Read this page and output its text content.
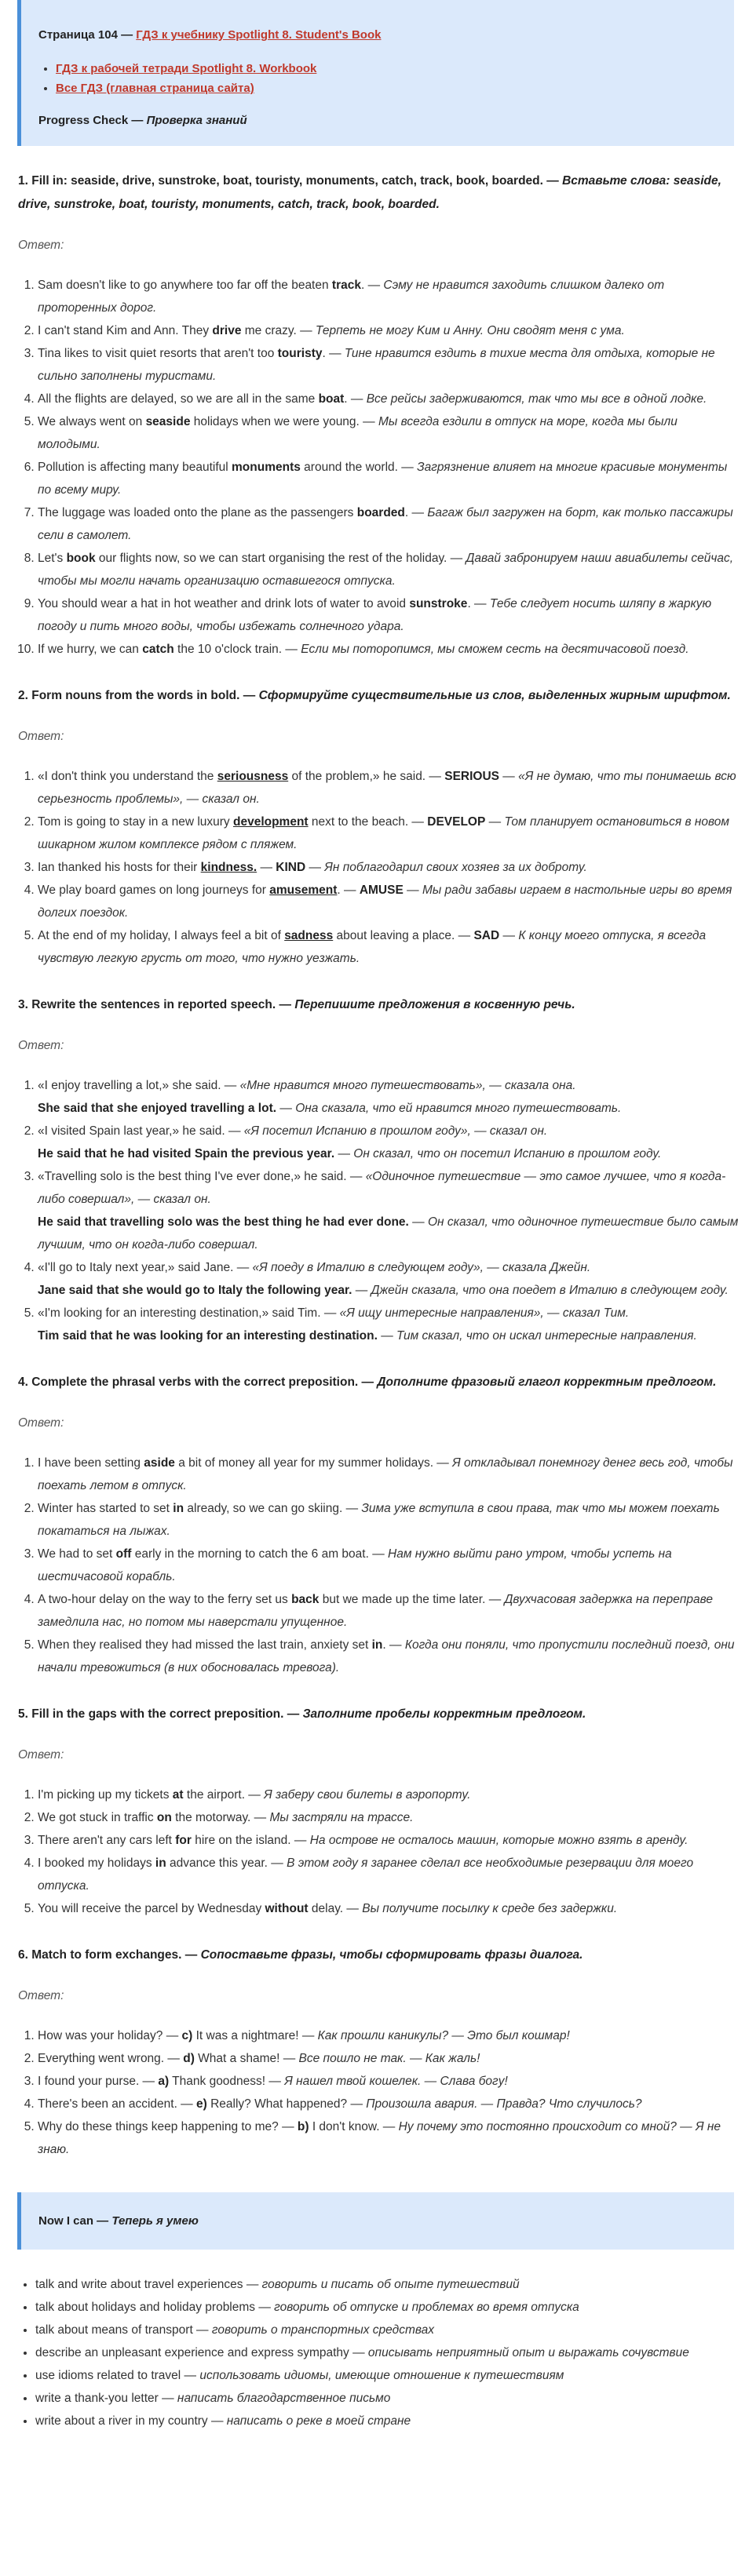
Страница 104 — ГДЗ к учебнику Spotlight 8. Student's Book
• ГДЗ к рабочей тетради Spotlight 8. Workbook
• Все ГДЗ (главная страница сайта)
Progress Check — Проверка знаний
1. Fill in: seaside, drive, sunstroke, boat, touristy, monuments, catch, track, book, boarded. — Вставьте слова: seaside, drive, sunstroke, boat, touristy, monuments, catch, track, book, boarded.
Ответ:
1. Sam doesn't like to go anywhere too far off the beaten track. — Сэму не нравится заходить слишком далеко от проторенных дорог.
2. I can't stand Kim and Ann. They drive me crazy. — Терпеть не могу Kим и Анну. Они сводят меня с ума.
3. Tina likes to visit quiet resorts that aren't too touristy. — Тине нравится ездить в тихие места для отдыха, которые не сильно заполнены туристами.
4. All the flights are delayed, so we are all in the same boat. — Все рейсы задерживаются, так что мы все в одной лодке.
5. We always went on seaside holidays when we were young. — Мы всегда ездили в отпуск на море, когда мы были молодыми.
6. Pollution is affecting many beautiful monuments around the world. — Загрязнение влияет на многие красивые монументы по всему миру.
7. The luggage was loaded onto the plane as the passengers boarded. — Багаж был загружен на борт, как только пассажиры сели в самолет.
8. Let's book our flights now, so we can start organising the rest of the holiday. — Давай забронируем наши авиабилеты сейчас, чтобы мы могли начать организацию оставшегося отпуска.
9. You should wear a hat in hot weather and drink lots of water to avoid sunstroke. — Тебе следует носить шляпу в жаркую погоду и пить много воды, чтобы избежать солнечного удара.
10. If we hurry, we can catch the 10 o'clock train. — Если мы поторопимся, мы сможем сесть на десятичасовой поезд.
2. Form nouns from the words in bold. — Сформируйте существительные из слов, выделенных жирным шрифтом.
Ответ:
1. «I don't think you understand the seriousness of the problem,» he said. — SERIOUS — «Я не думаю, что ты понимаешь всю серьезность проблемы», — сказал он.
2. Tom is going to stay in a new luxury development next to the beach. — DEVELOP — Том планирует остановиться в новом шикарном жилом комплексе рядом с пляжем.
3. Ian thanked his hosts for their kindness. — KIND — Ян поблагодарил своих хозяев за их доброту.
4. We play board games on long journeys for amusement. — AMUSE — Мы ради забавы играем в настольные игры во время долгих поездок.
5. At the end of my holiday, I always feel a bit of sadness about leaving a place. — SAD — К концу моего отпуска, я всегда чувствую легкую грусть от того, что нужно уезжать.
3. Rewrite the sentences in reported speech. — Перепишите предложения в косвенную речь.
Ответ:
1. «I enjoy travelling a lot,» she said. — «Мне нравится много путешествовать», — сказала она.
She said that she enjoyed travelling a lot. — Она сказала, что ей нравится много путешествовать.
2. «I visited Spain last year,» he said. — «Я посетил Испанию в прошлом году», — сказал он.
He said that he had visited Spain the previous year. — Он сказал, что он посетил Испанию в прошлом году.
3. «Travelling solo is the best thing I've ever done,» he said. — «Одиночное путешествие — это самое лучшее, что я когда-либо совершал», — сказал он.
He said that travelling solo was the best thing he had ever done. — Он сказал, что одиночное путешествие было самым лучшим, что он когда-либо совершал.
4. «I'll go to Italy next year,» said Jane. — «Я поеду в Италию в следующем году», — сказала Джейн.
Jane said that she would go to Italy the following year. — Джейн сказала, что она поедет в Италию в следующем году.
5. «I'm looking for an interesting destination,» said Tim. — «Я ищу интересные направления», — сказал Тим.
Tim said that he was looking for an interesting destination. — Тим сказал, что он искал интересные направления.
4. Complete the phrasal verbs with the correct preposition. — Дополните фразовый глагол корректным предлогом.
Ответ:
1. I have been setting aside a bit of money all year for my summer holidays. — Я откладывал понемногу денег весь год, чтобы поехать летом в отпуск.
2. Winter has started to set in already, so we can go skiing. — Зима уже вступила в свои права, так что мы можем поехать покататься на лыжах.
3. We had to set off early in the morning to catch the 6 am boat. — Нам нужно выйти рано утром, чтобы успеть на шестичасовой корабль.
4. A two-hour delay on the way to the ferry set us back but we made up the time later. — Двухчасовая задержка на переправе замедлила нас, но потом мы наверстали упущенное.
5. When they realised they had missed the last train, anxiety set in. — Когда они поняли, что пропустили последний поезд, они начали тревожиться (в них обосновалась тревога).
5. Fill in the gaps with the correct preposition. — Заполните пробелы корректным предлогом.
Ответ:
1. I'm picking up my tickets at the airport. — Я заберу свои билеты в аэропорту.
2. We got stuck in traffic on the motorway. — Мы застряли на трассе.
3. There aren't any cars left for hire on the island. — На острове не осталось машин, которые можно взять в аренду.
4. I booked my holidays in advance this year. — В этом году я заранее сделал все необходимые резервации для моего отпуска.
5. You will receive the parcel by Wednesday without delay. — Вы получите посылку к среде без задержки.
6. Match to form exchanges. — Сопоставьте фразы, чтобы сформировать фразы диалога.
Ответ:
1. How was your holiday? — c) It was a nightmare! — Как прошли каникулы? — Это был кошмар!
2. Everything went wrong. — d) What a shame! — Все пошло не так. — Как жаль!
3. I found your purse. — a) Thank goodness! — Я нашел твой кошелек. — Слава богу!
4. There's been an accident. — e) Really? What happened? — Произошла авария. — Правда? Что случилось?
5. Why do these things keep happening to me? — b) I don't know. — Ну почему это постоянно происходит со мной? — Я не знаю.
Now I can — Теперь я умею
• talk and write about travel experiences — говорить и писать об опыте путешествий
• talk about holidays and holiday problems — говорить об отпуске и проблемах во время отпуска
• talk about means of transport — говорить о транспортных средствах
• describe an unpleasant experience and express sympathy — описывать неприятный опыт и выражать сочувствие
• use idioms related to travel — использовать идиомы, имеющие отношение к путешествиям
• write a thank-you letter — написать благодарственное письмо
• write about a river in my country — написать о реке в моей стране
